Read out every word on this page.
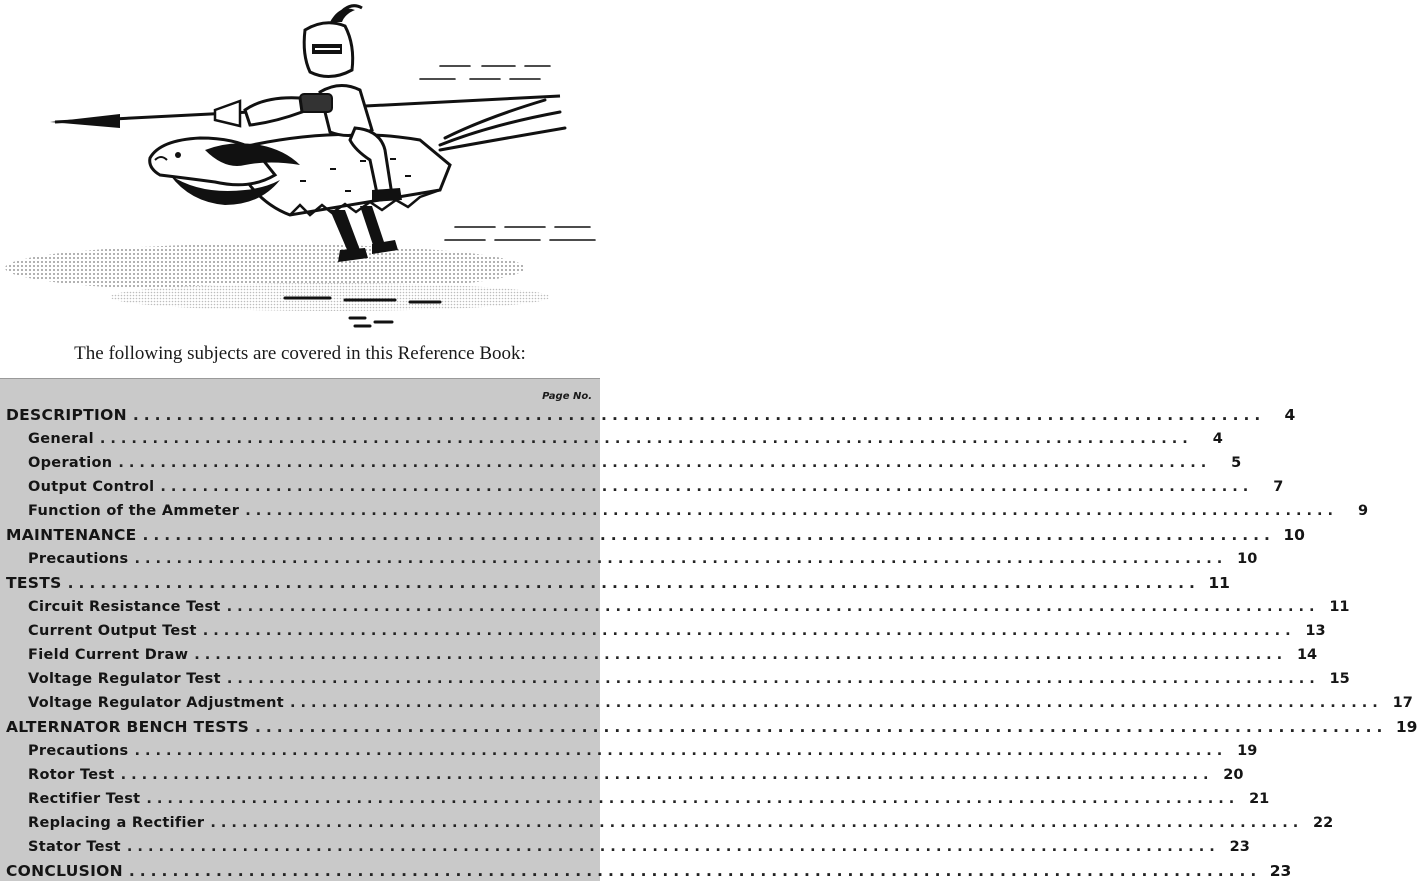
The following subjects are covered in this Reference Book:
Page No.
DESCRIPTION ........................................................................................................	4
General ........................................................................................................	4
Operation ........................................................................................................	5
Output Control ........................................................................................................	7
Function of the Ammeter ........................................................................................................	9
MAINTENANCE ........................................................................................................ 10
Precautions ........................................................................................................ 10
TESTS ........................................................................................................ 11
Circuit Resistance Test ........................................................................................................ 11
Current Output Test ........................................................................................................ 13
Field Current Draw ........................................................................................................ 14
Voltage Regulator Test ........................................................................................................ 15
Voltage Regulator Adjustment ........................................................................................................ 17
ALTERNATOR BENCH TESTS ........................................................................................................ 19
Precautions ........................................................................................................ 19
Rotor Test ........................................................................................................ 20
Rectifier Test ........................................................................................................ 21
Replacing a Rectifier ........................................................................................................ 22
Stator Test ........................................................................................................ 23
CONCLUSION ........................................................................................................ 23
